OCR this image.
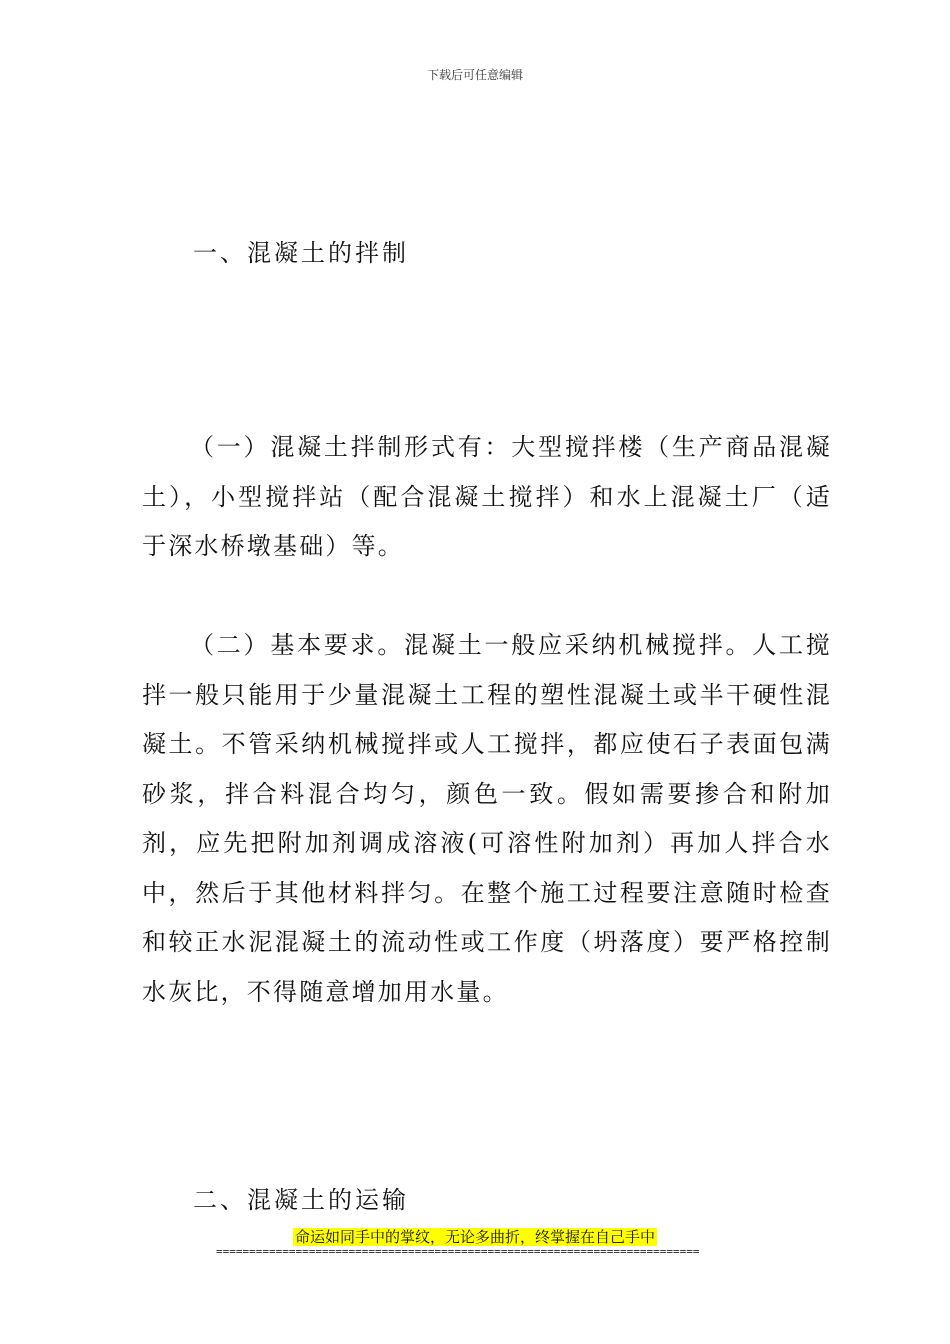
下载后可任意编辑
一、混凝土的拌制

（一）混凝土拌制形式有：大型搅拌楼（生产商品混凝土），小型搅拌站（配合混凝土搅拌）和水上混凝土厂（适于深水桥墩基础）等。

（二）基本要求。混凝土一般应采纳机械搅拌。人工搅拌一般只能用于少量混凝土工程的塑性混凝土或半干硬性混凝土。不管采纳机械搅拌或人工搅拌，都应使石子表面包满砂浆，拌合料混合均匀，颜色一致。假如需要掺合和附加剂，应先把附加剂调成溶液(可溶性附加剂）再加人拌合水中，然后于其他材料拌匀。在整个施工过程要注意随时检查和较正水泥混凝土的流动性或工作度（坍落度）要严格控制水灰比，不得随意增加用水量。

二、混凝土的运输
命运如同手中的掌纹，无论多曲折，终掌握在自己手中
=========================================================================
